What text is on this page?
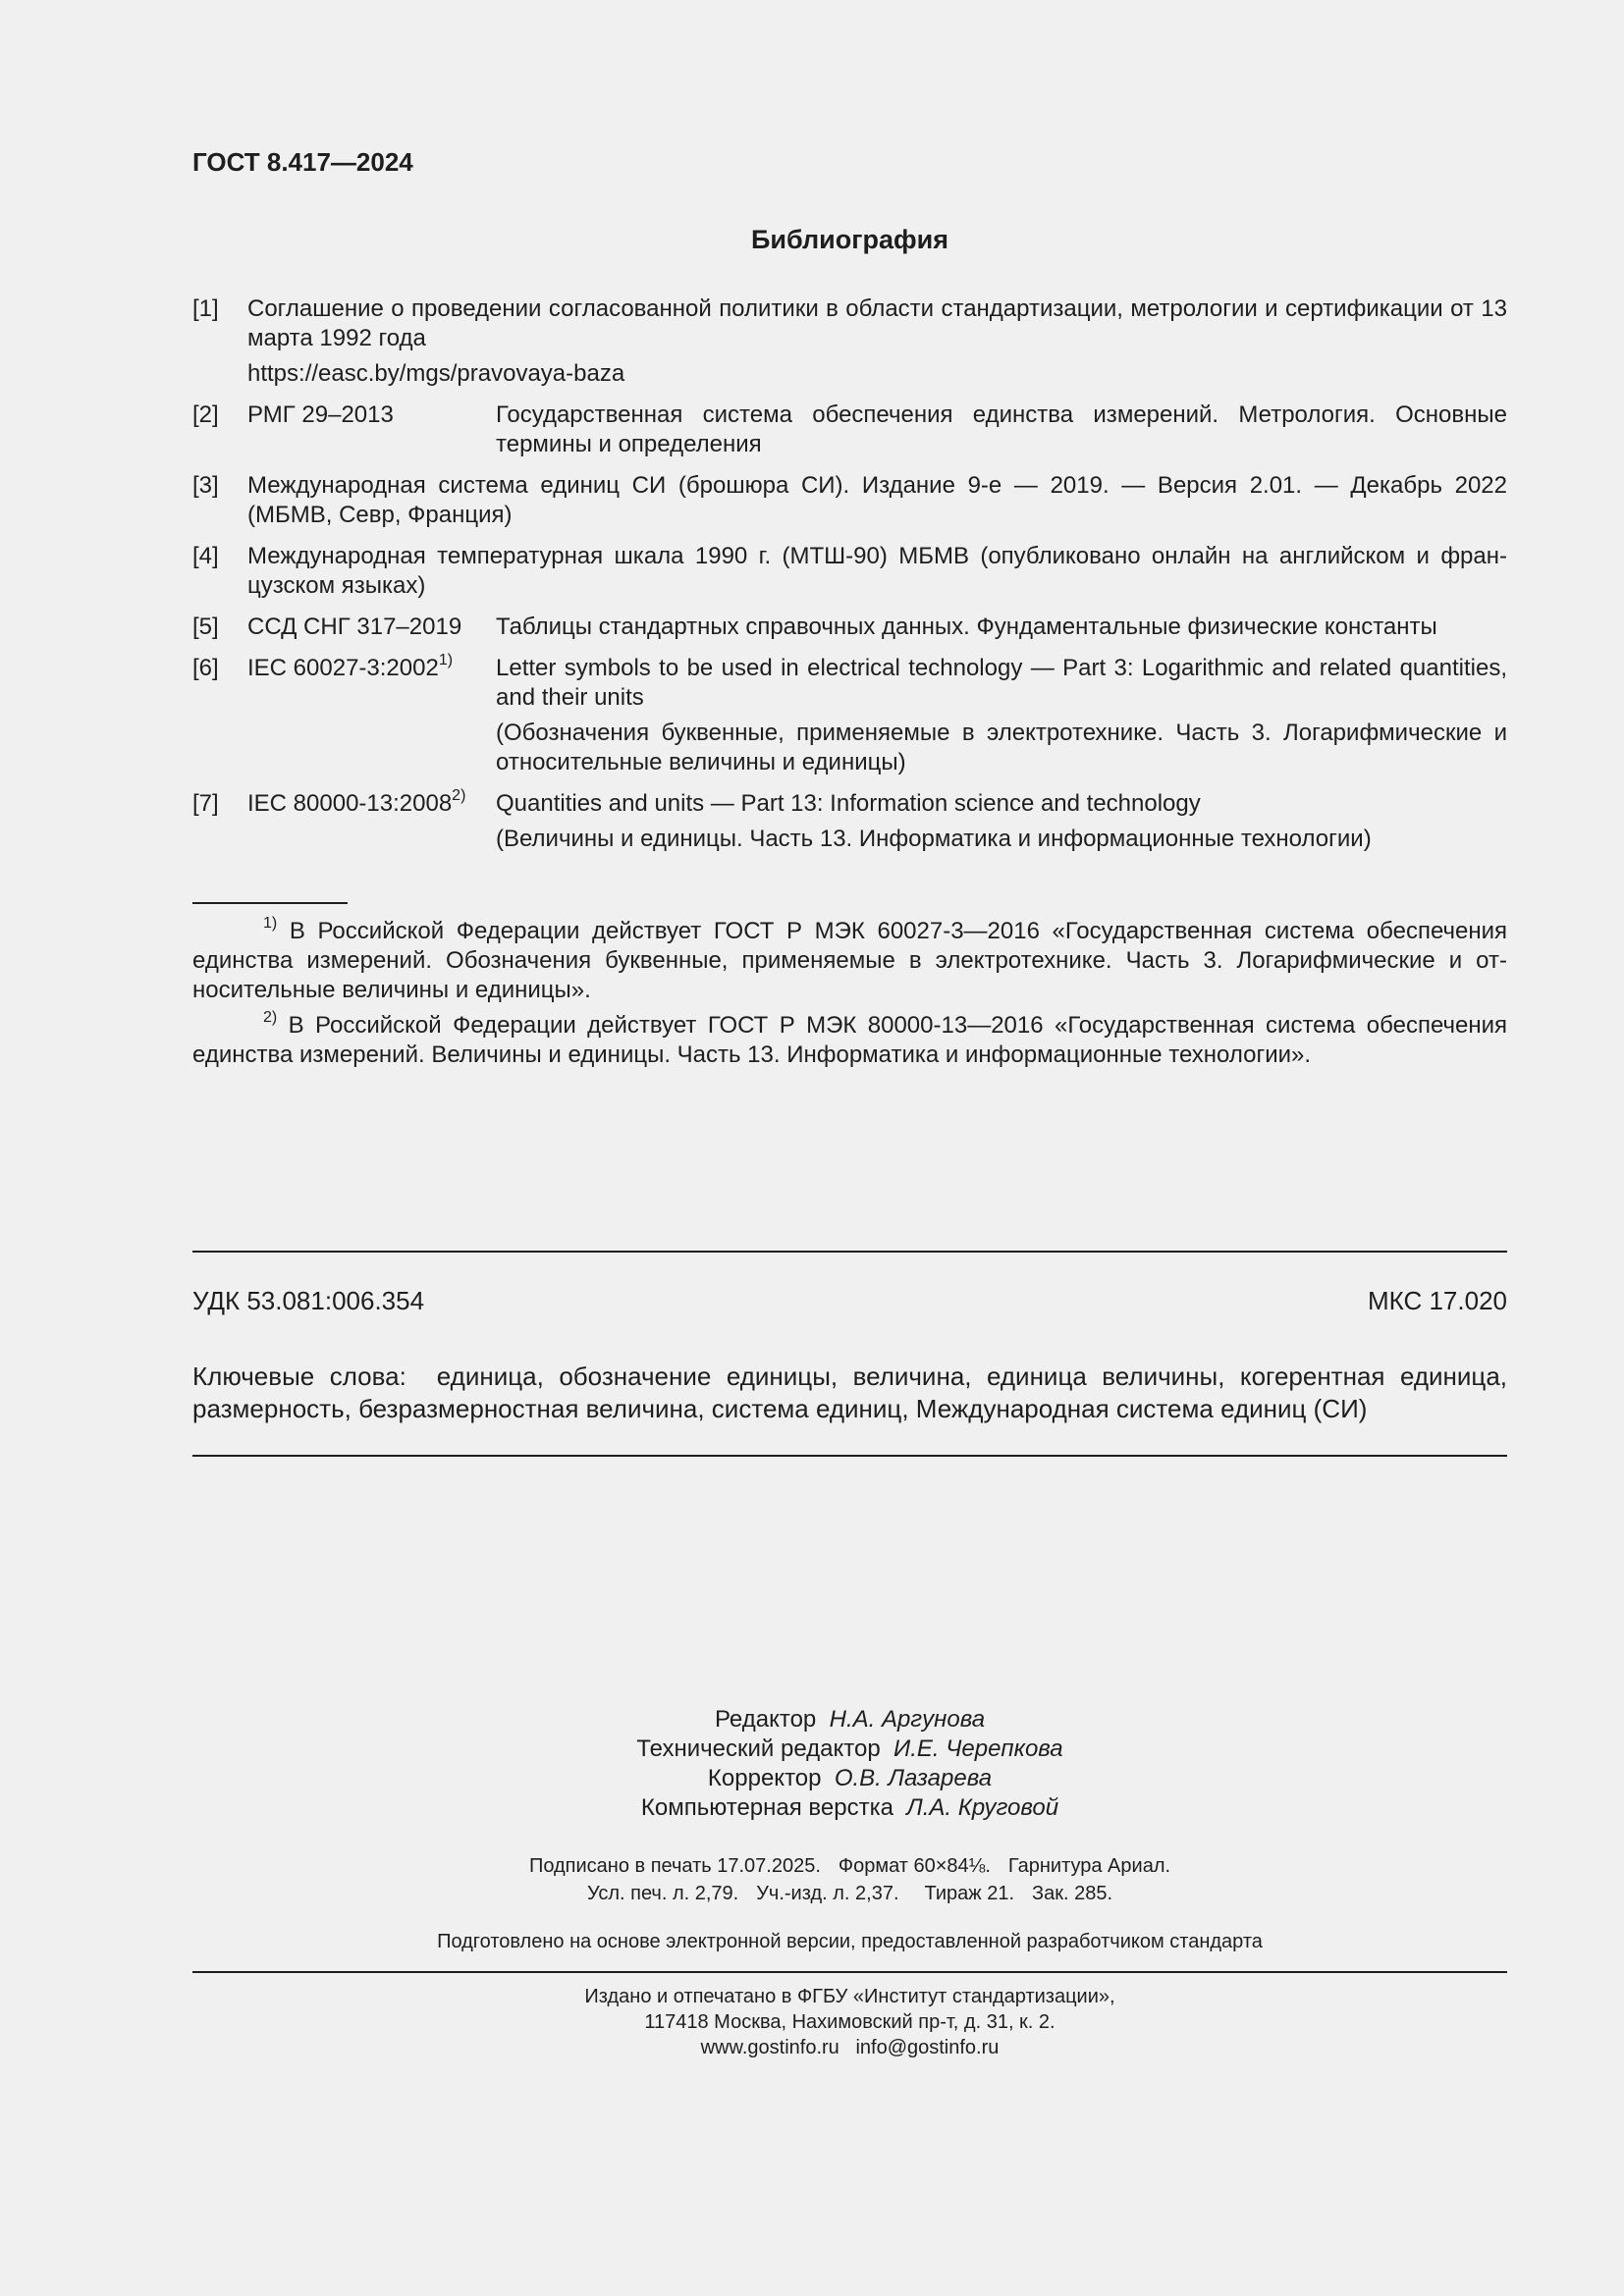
ГОСТ 8.417—2024
Библиография
[1]	Соглашение о проведении согласованной политики в области стандартизации, метрологии и сертификации от 13 марта 1992 года

https://easc.by/mgs/pravovaya-baza

[2]	РМГ 29–2013	Государственная система обеспечения единства измерений. Метрология. Основные термины и определения

[3]	Международная система единиц СИ (брошюра СИ). Издание 9-е — 2019. — Версия 2.01. — Декабрь 2022 (МБМВ, Севр, Франция)

[4]	Международная температурная шкала 1990 г. (МТШ-90) МБМВ (опубликовано онлайн на английском и фран-цузском языках)

[5]	ССД СНГ 317–2019	Таблицы стандартных справочных данных. Фундаментальные физические константы

[6]	IEC 60027-3:2002$^{1)}$	Letter symbols to be used in electrical technology — Part 3: Logarithmic and related quantities, and their units

(Обозначения буквенные, применяемые в электротехнике. Часть 3. Логарифмические и относительные величины и единицы)

[7]	IEC 80000-13:2008$^{2)}$	Quantities and units — Part 13: Information science and technology

(Величины и единицы. Часть 13. Информатика и информационные технологии)

$^{1)}$ В Российской Федерации действует ГОСТ Р МЭК 60027-3—2016 «Государственная система обеспечения единства измерений. Обозначения буквенные, применяемые в электротехнике. Часть 3. Логарифмические и от-носительные величины и единицы».

$^{2)}$ В Российской Федерации действует ГОСТ Р МЭК 80000-13—2016 «Государственная система обеспечения единства измерений. Величины и единицы. Часть 13. Информатика и информационные технологии».

УДК 53.081:006.354	МКС 17.020
Ключевые слова: единица, обозначение единицы, величина, единица величины, когерентная единица, размерность, безразмерностная величина, система единиц, Международная система единиц (СИ)
Редактор Н.А. Аргунова
Технический редактор И.Е. Черепкова
Корректор О.В. Лазарева
Компьютерная верстка Л.А. Круговой
Подписано в печать 17.07.2025. Формат 60×84⅛. Гарнитура Ариал.
Усл. печ. л. 2,79. Уч.-изд. л. 2,37. Тираж 21. Зак. 285.
Подготовлено на основе электронной версии, предоставленной разработчиком стандарта
Издано и отпечатано в ФГБУ «Институт стандартизации»,
117418 Москва, Нахимовский пр-т, д. 31, к. 2.
www.gostinfo.ru info@gostinfo.ru
